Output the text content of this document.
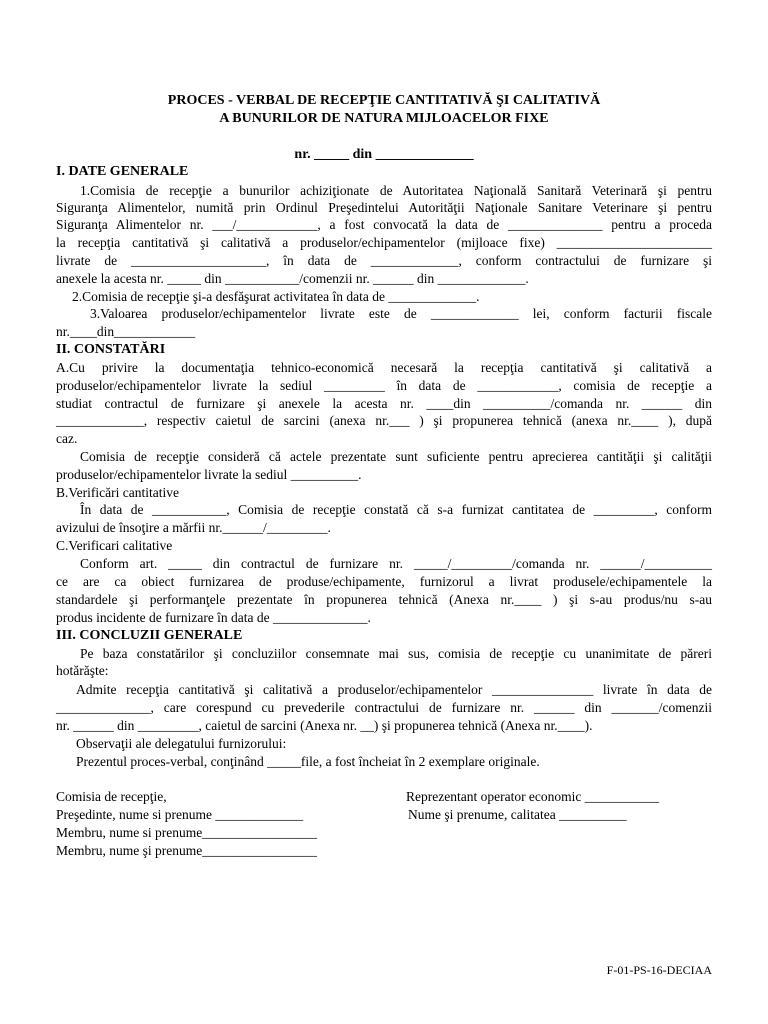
PROCES - VERBAL DE RECEPŢIE CANTITATIVĂ ŞI CALITATIVĂ
A BUNURILOR DE NATURA MIJLOACELOR FIXE
nr. _____ din ______________
I. DATE GENERALE
1.Comisia de recepţie a bunurilor achiziţionate de Autoritatea Naţională Sanitară Veterinară şi pentru
Siguranţa Alimentelor, numită prin Ordinul Preşedintelui Autorităţii Naţionale Sanitare Veterinare şi pentru
Siguranţa Alimentelor nr. ___/____________, a fost convocată la data de ______________ pentru a proceda
la recepţia cantitativă şi calitativă a produselor/echipamentelor (mijloace fixe) _______________________
livrate de ____________________, în data de _____________, conform contractului de furnizare şi
anexele la acesta nr. _____ din ___________/comenzii nr. ______ din _____________.
2.Comisia de recepţie şi-a desfăşurat activitatea în data de _____________.
3.Valoarea produselor/echipamentelor livrate este de _____________ lei, conform facturii fiscale
nr.____din____________
II. CONSTATĂRI
A.Cu privire la documentaţia tehnico-economică necesară la recepţia cantitativă şi calitativă a
produselor/echipamentelor livrate la sediul _________ în data de ____________, comisia de recepţie a
studiat contractul de furnizare şi anexele la acesta nr. ____din __________/comanda nr. ______ din
_____________, respectiv caietul de sarcini (anexa nr.___ ) şi propunerea tehnică (anexa nr.____ ), după
caz.
Comisia de recepţie consideră că actele prezentate sunt suficiente pentru aprecierea cantităţii şi calităţii
produselor/echipamentelor livrate la sediul __________.
B.Verificări cantitative
În data de ___________, Comisia de recepţie constată că s-a furnizat cantitatea de _________, conform
avizului de însoţire a mărfii nr.______/_________.
C.Verificari calitative
Conform art. _____ din contractul de furnizare nr. _____/_________/comanda nr. ______/__________
ce are ca obiect furnizarea de produse/echipamente, furnizorul a livrat produsele/echipamentele la
standardele şi performanţele prezentate în propunerea tehnică (Anexa nr.____ ) şi s-au produs/nu s-au
produs incidente de furnizare în data de ______________.
III. CONCLUZII GENERALE
Pe baza constatărilor şi concluziilor consemnate mai sus, comisia de recepţie cu unanimitate de păreri
hotărăşte:
Admite recepţia cantitativă şi calitativă a produselor/echipamentelor _______________ livrate în data de
______________, care corespund cu prevederile contractului de furnizare nr. ______ din _______/comenzii
nr. ______ din _________, caietul de sarcini (Anexa nr. __) şi propunerea tehnică (Anexa nr.____).
Observaţii ale delegatului furnizorului:
Prezentul proces-verbal, conţinând _____file, a fost încheiat în 2 exemplare originale.
Comisia de recepţie,
Preşedinte, nume si prenume _____________
Membru, nume si prenume_________________
Membru, nume şi prenume_________________
Reprezentant operator economic ___________
Nume şi prenume, calitatea __________
F-01-PS-16-DECIAA
